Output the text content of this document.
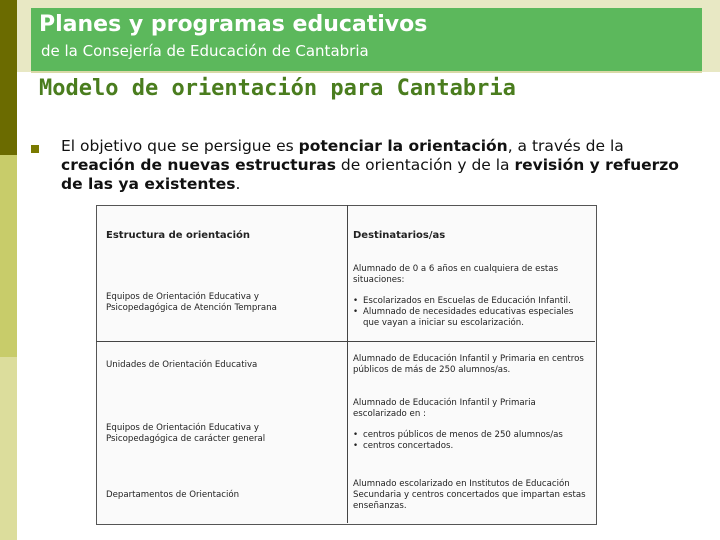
Planes y programas educativos
de la Consejería de Educación de Cantabria
Modelo de orientación para Cantabria
El objetivo que se persigue es potenciar la orientación, a través de la creación de nuevas estructuras de orientación y de la revisión y refuerzo de las ya existentes.
Estructura de orientación	Destinatarios/as
Equipos de Orientación Educativa y Psicopedagógica de Atención Temprana
Alumnado de 0 a 6 años en cualquiera de estas situaciones:
• Escolarizados en Escuelas de Educación Infantil.
• Alumnado de necesidades educativas especiales que vayan a iniciar su escolarización.
Unidades de Orientación Educativa
Alumnado de Educación Infantil y Primaria en centros públicos de más de 250 alumnos/as.
Equipos de Orientación Educativa y Psicopedagógica de carácter general
Alumnado de Educación Infantil y Primaria escolarizado en :
• centros públicos de menos de 250 alumnos/as
• centros concertados.
Departamentos de Orientación
Alumnado escolarizado en Institutos de Educación Secundaria y centros concertados que impartan estas enseñanzas.
